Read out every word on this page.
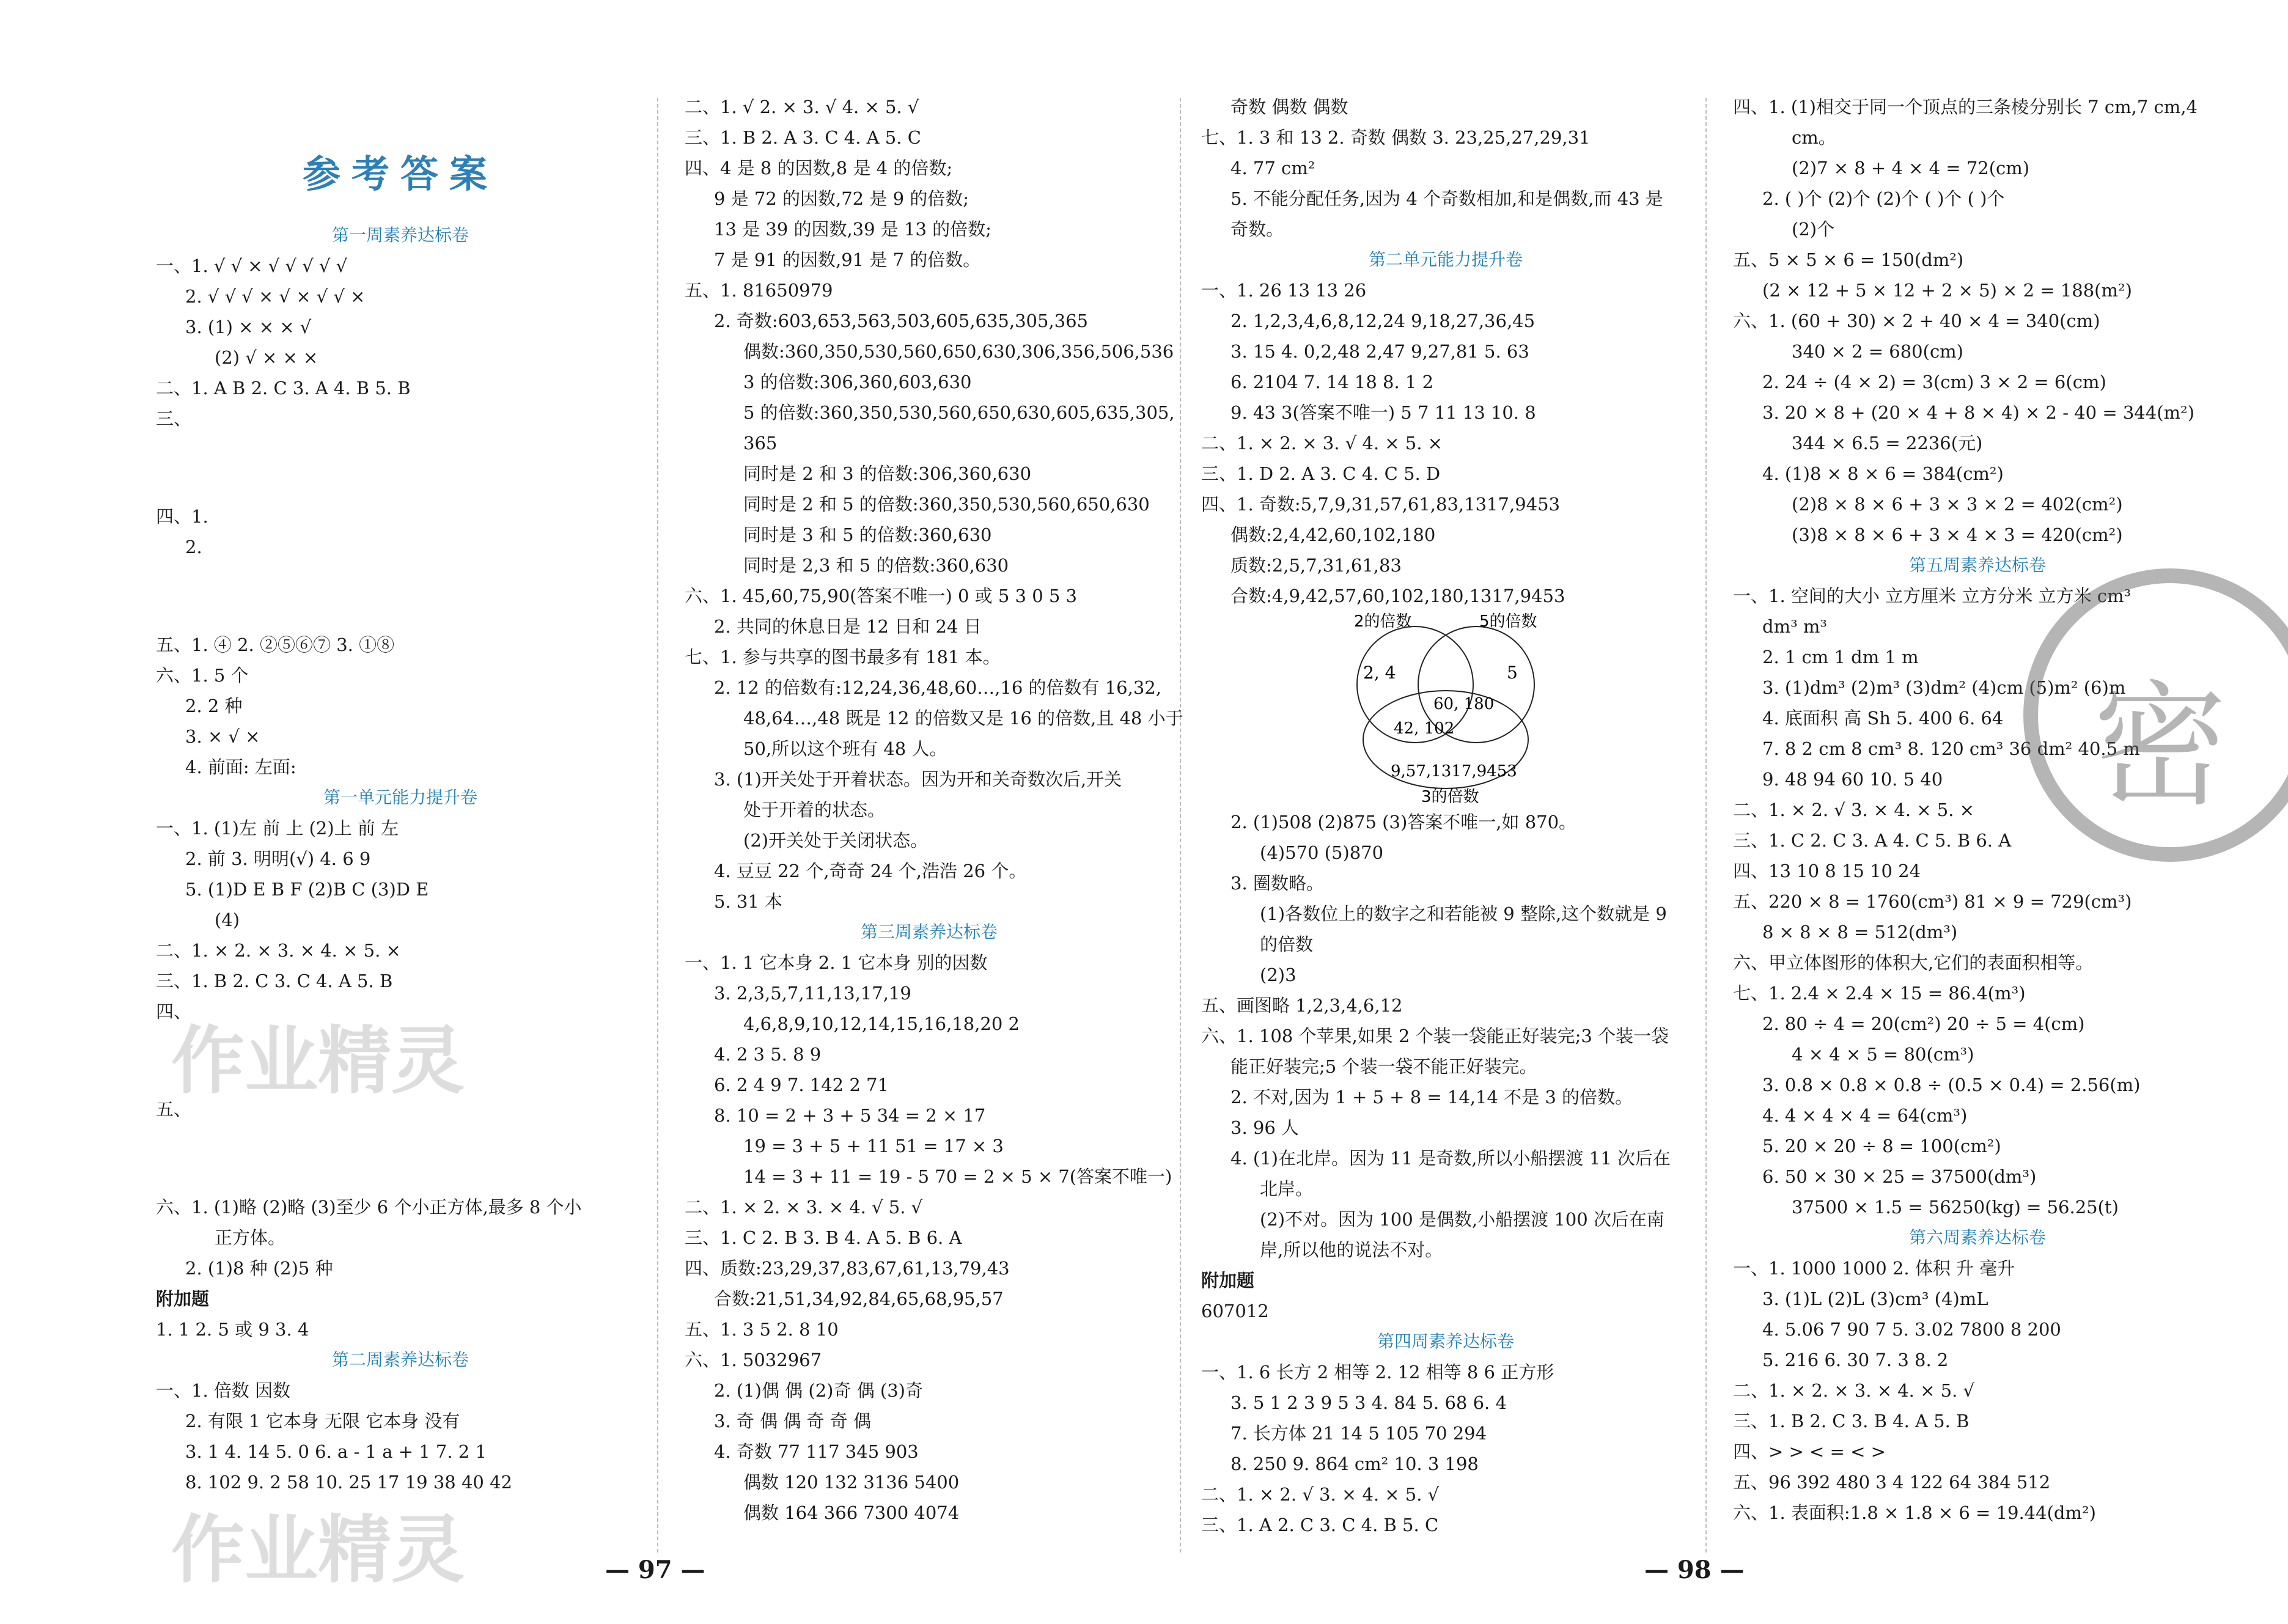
参考答案
第一周素养达标卷
一、1. √ √ × √ √ √ √ √
2. √ √ √ × √ × √ √ ×
3. (1) × × × √
(2) √ × × ×
二、1. A B 2. C 3. A 4. B 5. B
三、
四、1.
2.
五、1. ④ 2. ②⑤⑥⑦ 3. ①⑧
六、1. 5 个
2. 2 种
3. × √ ×
4. 前面: 左面:
第一单元能力提升卷
一、1. (1)左 前 上 (2)上 前 左
2. 前 3. 明明(√) 4. 6 9
5. (1)D E B F (2)B C (3)D E
(4)
二、1. × 2. × 3. × 4. × 5. ×
三、1. B 2. C 3. C 4. A 5. B
四、
五、
六、1. (1)略 (2)略 (3)至少 6 个小正方体,最多 8 个小
正方体。
2. (1)8 种 (2)5 种
附加题
1. 1 2. 5 或 9 3. 4
第二周素养达标卷
一、1. 倍数 因数
2. 有限 1 它本身 无限 它本身 没有
3. 1 4. 14 5. 0 6. a - 1 a + 1 7. 2 1
8. 102 9. 2 58 10. 25 17 19 38 40 42
二、1. √ 2. × 3. √ 4. × 5. √
三、1. B 2. A 3. C 4. A 5. C
四、4 是 8 的因数,8 是 4 的倍数;
9 是 72 的因数,72 是 9 的倍数;
13 是 39 的因数,39 是 13 的倍数;
7 是 91 的因数,91 是 7 的倍数。
五、1. 81650979
2. 奇数:603,653,563,503,605,635,305,365
偶数:360,350,530,560,650,630,306,356,506,536
3 的倍数:306,360,603,630
5 的倍数:360,350,530,560,650,630,605,635,305,
365
同时是 2 和 3 的倍数:306,360,630
同时是 2 和 5 的倍数:360,350,530,560,650,630
同时是 3 和 5 的倍数:360,630
同时是 2,3 和 5 的倍数:360,630
六、1. 45,60,75,90(答案不唯一) 0 或 5 3 0 5 3
2. 共同的休息日是 12 日和 24 日
七、1. 参与共享的图书最多有 181 本。
2. 12 的倍数有:12,24,36,48,60…,16 的倍数有 16,32,
48,64…,48 既是 12 的倍数又是 16 的倍数,且 48 小于
50,所以这个班有 48 人。
3. (1)开关处于开着状态。因为开和关奇数次后,开关
处于开着的状态。
(2)开关处于关闭状态。
4. 豆豆 22 个,奇奇 24 个,浩浩 26 个。
5. 31 本
第三周素养达标卷
一、1. 1 它本身 2. 1 它本身 别的因数
3. 2,3,5,7,11,13,17,19
4,6,8,9,10,12,14,15,16,18,20 2
4. 2 3 5. 8 9
6. 2 4 9 7. 142 2 71
8. 10 = 2 + 3 + 5 34 = 2 × 17
19 = 3 + 5 + 11 51 = 17 × 3
14 = 3 + 11 = 19 - 5 70 = 2 × 5 × 7(答案不唯一)
二、1. × 2. × 3. × 4. √ 5. √
三、1. C 2. B 3. B 4. A 5. B 6. A
四、质数:23,29,37,83,67,61,13,79,43
合数:21,51,34,92,84,65,68,95,57
五、1. 3 5 2. 8 10
六、1. 5032967
2. (1)偶 偶 (2)奇 偶 (3)奇
3. 奇 偶 偶 奇 奇 偶
4. 奇数 77 117 345 903
偶数 120 132 3136 5400
偶数 164 366 7300 4074
奇数 偶数 偶数
七、1. 3 和 13 2. 奇数 偶数 3. 23,25,27,29,31
4. 77 cm²
5. 不能分配任务,因为 4 个奇数相加,和是偶数,而 43 是
奇数。
第二单元能力提升卷
一、1. 26 13 13 26
2. 1,2,3,4,6,8,12,24 9,18,27,36,45
3. 15 4. 0,2,48 2,47 9,27,81 5. 63
6. 2104 7. 14 18 8. 1 2
9. 43 3(答案不唯一) 5 7 11 13 10. 8
二、1. × 2. × 3. √ 4. × 5. ×
三、1. D 2. A 3. C 4. C 5. D
四、1. 奇数:5,7,9,31,57,61,83,1317,9453
偶数:2,4,42,60,102,180
质数:2,5,7,31,61,83
合数:4,9,42,57,60,102,180,1317,9453
2的倍数	5的倍数
2, 4	5
60, 180
42, 102
9,57,1317,9453
3的倍数
2. (1)508 (2)875 (3)答案不唯一,如 870。
(4)570 (5)870
3. 圈数略。
(1)各数位上的数字之和若能被 9 整除,这个数就是 9
的倍数
(2)3
五、画图略 1,2,3,4,6,12
六、1. 108 个苹果,如果 2 个装一袋能正好装完;3 个装一袋
能正好装完;5 个装一袋不能正好装完。
2. 不对,因为 1 + 5 + 8 = 14,14 不是 3 的倍数。
3. 96 人
4. (1)在北岸。因为 11 是奇数,所以小船摆渡 11 次后在
北岸。
(2)不对。因为 100 是偶数,小船摆渡 100 次后在南
岸,所以他的说法不对。
附加题
607012
第四周素养达标卷
一、1. 6 长方 2 相等 2. 12 相等 8 6 正方形
3. 5 1 2 3 9 5 3 4. 84 5. 68 6. 4
7. 长方体 21 14 5 105 70 294
8. 250 9. 864 cm² 10. 3 198
二、1. × 2. √ 3. × 4. × 5. √
三、1. A 2. C 3. C 4. B 5. C
四、1. (1)相交于同一个顶点的三条棱分别长 7 cm,7 cm,4
cm。
(2)7 × 8 + 4 × 4 = 72(cm)
2. ( )个 (2)个 (2)个 ( )个 ( )个
(2)个
五、5 × 5 × 6 = 150(dm²)
(2 × 12 + 5 × 12 + 2 × 5) × 2 = 188(m²)
六、1. (60 + 30) × 2 + 40 × 4 = 340(cm)
340 × 2 = 680(cm)
2. 24 ÷ (4 × 2) = 3(cm) 3 × 2 = 6(cm)
3. 20 × 8 + (20 × 4 + 8 × 4) × 2 - 40 = 344(m²)
344 × 6.5 = 2236(元)
4. (1)8 × 8 × 6 = 384(cm²)
(2)8 × 8 × 6 + 3 × 3 × 2 = 402(cm²)
(3)8 × 8 × 6 + 3 × 4 × 3 = 420(cm²)
第五周素养达标卷
一、1. 空间的大小 立方厘米 立方分米 立方米 cm³
dm³ m³
2. 1 cm 1 dm 1 m
3. (1)dm³ (2)m³ (3)dm² (4)cm (5)m² (6)m
4. 底面积 高 Sh 5. 400 6. 64
7. 8 2 cm 8 cm³ 8. 120 cm³ 36 dm² 40.5 m
9. 48 94 60 10. 5 40
二、1. × 2. √ 3. × 4. × 5. ×
三、1. C 2. C 3. A 4. C 5. B 6. A
四、13 10 8 15 10 24
五、220 × 8 = 1760(cm³) 81 × 9 = 729(cm³)
8 × 8 × 8 = 512(dm³)
六、甲立体图形的体积大,它们的表面积相等。
七、1. 2.4 × 2.4 × 15 = 86.4(m³)
2. 80 ÷ 4 = 20(cm²) 20 ÷ 5 = 4(cm)
4 × 4 × 5 = 80(cm³)
3. 0.8 × 0.8 × 0.8 ÷ (0.5 × 0.4) = 2.56(m)
4. 4 × 4 × 4 = 64(cm³)
5. 20 × 20 ÷ 8 = 100(cm²)
6. 50 × 30 × 25 = 37500(dm³)
37500 × 1.5 = 56250(kg) = 56.25(t)
第六周素养达标卷
一、1. 1000 1000 2. 体积 升 毫升
3. (1)L (2)L (3)cm³ (4)mL
4. 5.06 7 90 7 5. 3.02 7800 8 200
5. 216 6. 30 7. 3 8. 2
二、1. × 2. × 3. × 4. × 5. √
三、1. B 2. C 3. B 4. A 5. B
四、> > < = < >
五、96 392 480 3 4 122 64 384 512
六、1. 表面积:1.8 × 1.8 × 6 = 19.44(dm²)
— 97 —	— 98 —
作业精灵
作业精灵
密
